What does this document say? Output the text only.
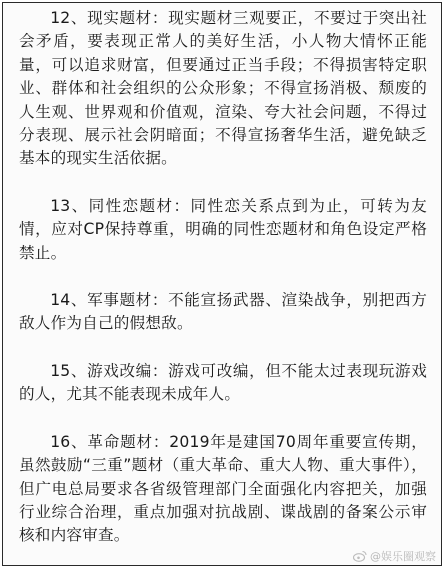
12、现实题材：现实题材三观要正，不要过于突出社会矛盾，要表现正常人的美好生活，小人物大情怀正能量，可以追求财富，但要通过正当手段；不得损害特定职业、群体和社会组织的公众形象；不得宣扬消极、颓废的人生观、世界观和价值观，渲染、夸大社会问题，不得过分表现、展示社会阴暗面；不得宣扬奢华生活，避免缺乏基本的现实生活依据。

13、同性恋题材：同性恋关系点到为止，可转为友情，应对CP保持尊重，明确的同性恋题材和角色设定严格禁止。

14、军事题材：不能宣扬武器、渲染战争，别把西方敌人作为自己的假想敌。

15、游戏改编：游戏可改编，但不能太过表现玩游戏的人，尤其不能表现未成年人。

16、革命题材：2019年是建国70周年重要宣传期，虽然鼓励“三重”题材（重大革命、重大人物、重大事件），但广电总局要求各省级管理部门全面强化内容把关，加强行业综合治理，重点加强对抗战剧、谍战剧的备案公示审核和内容审查。

@娱乐圈观察
